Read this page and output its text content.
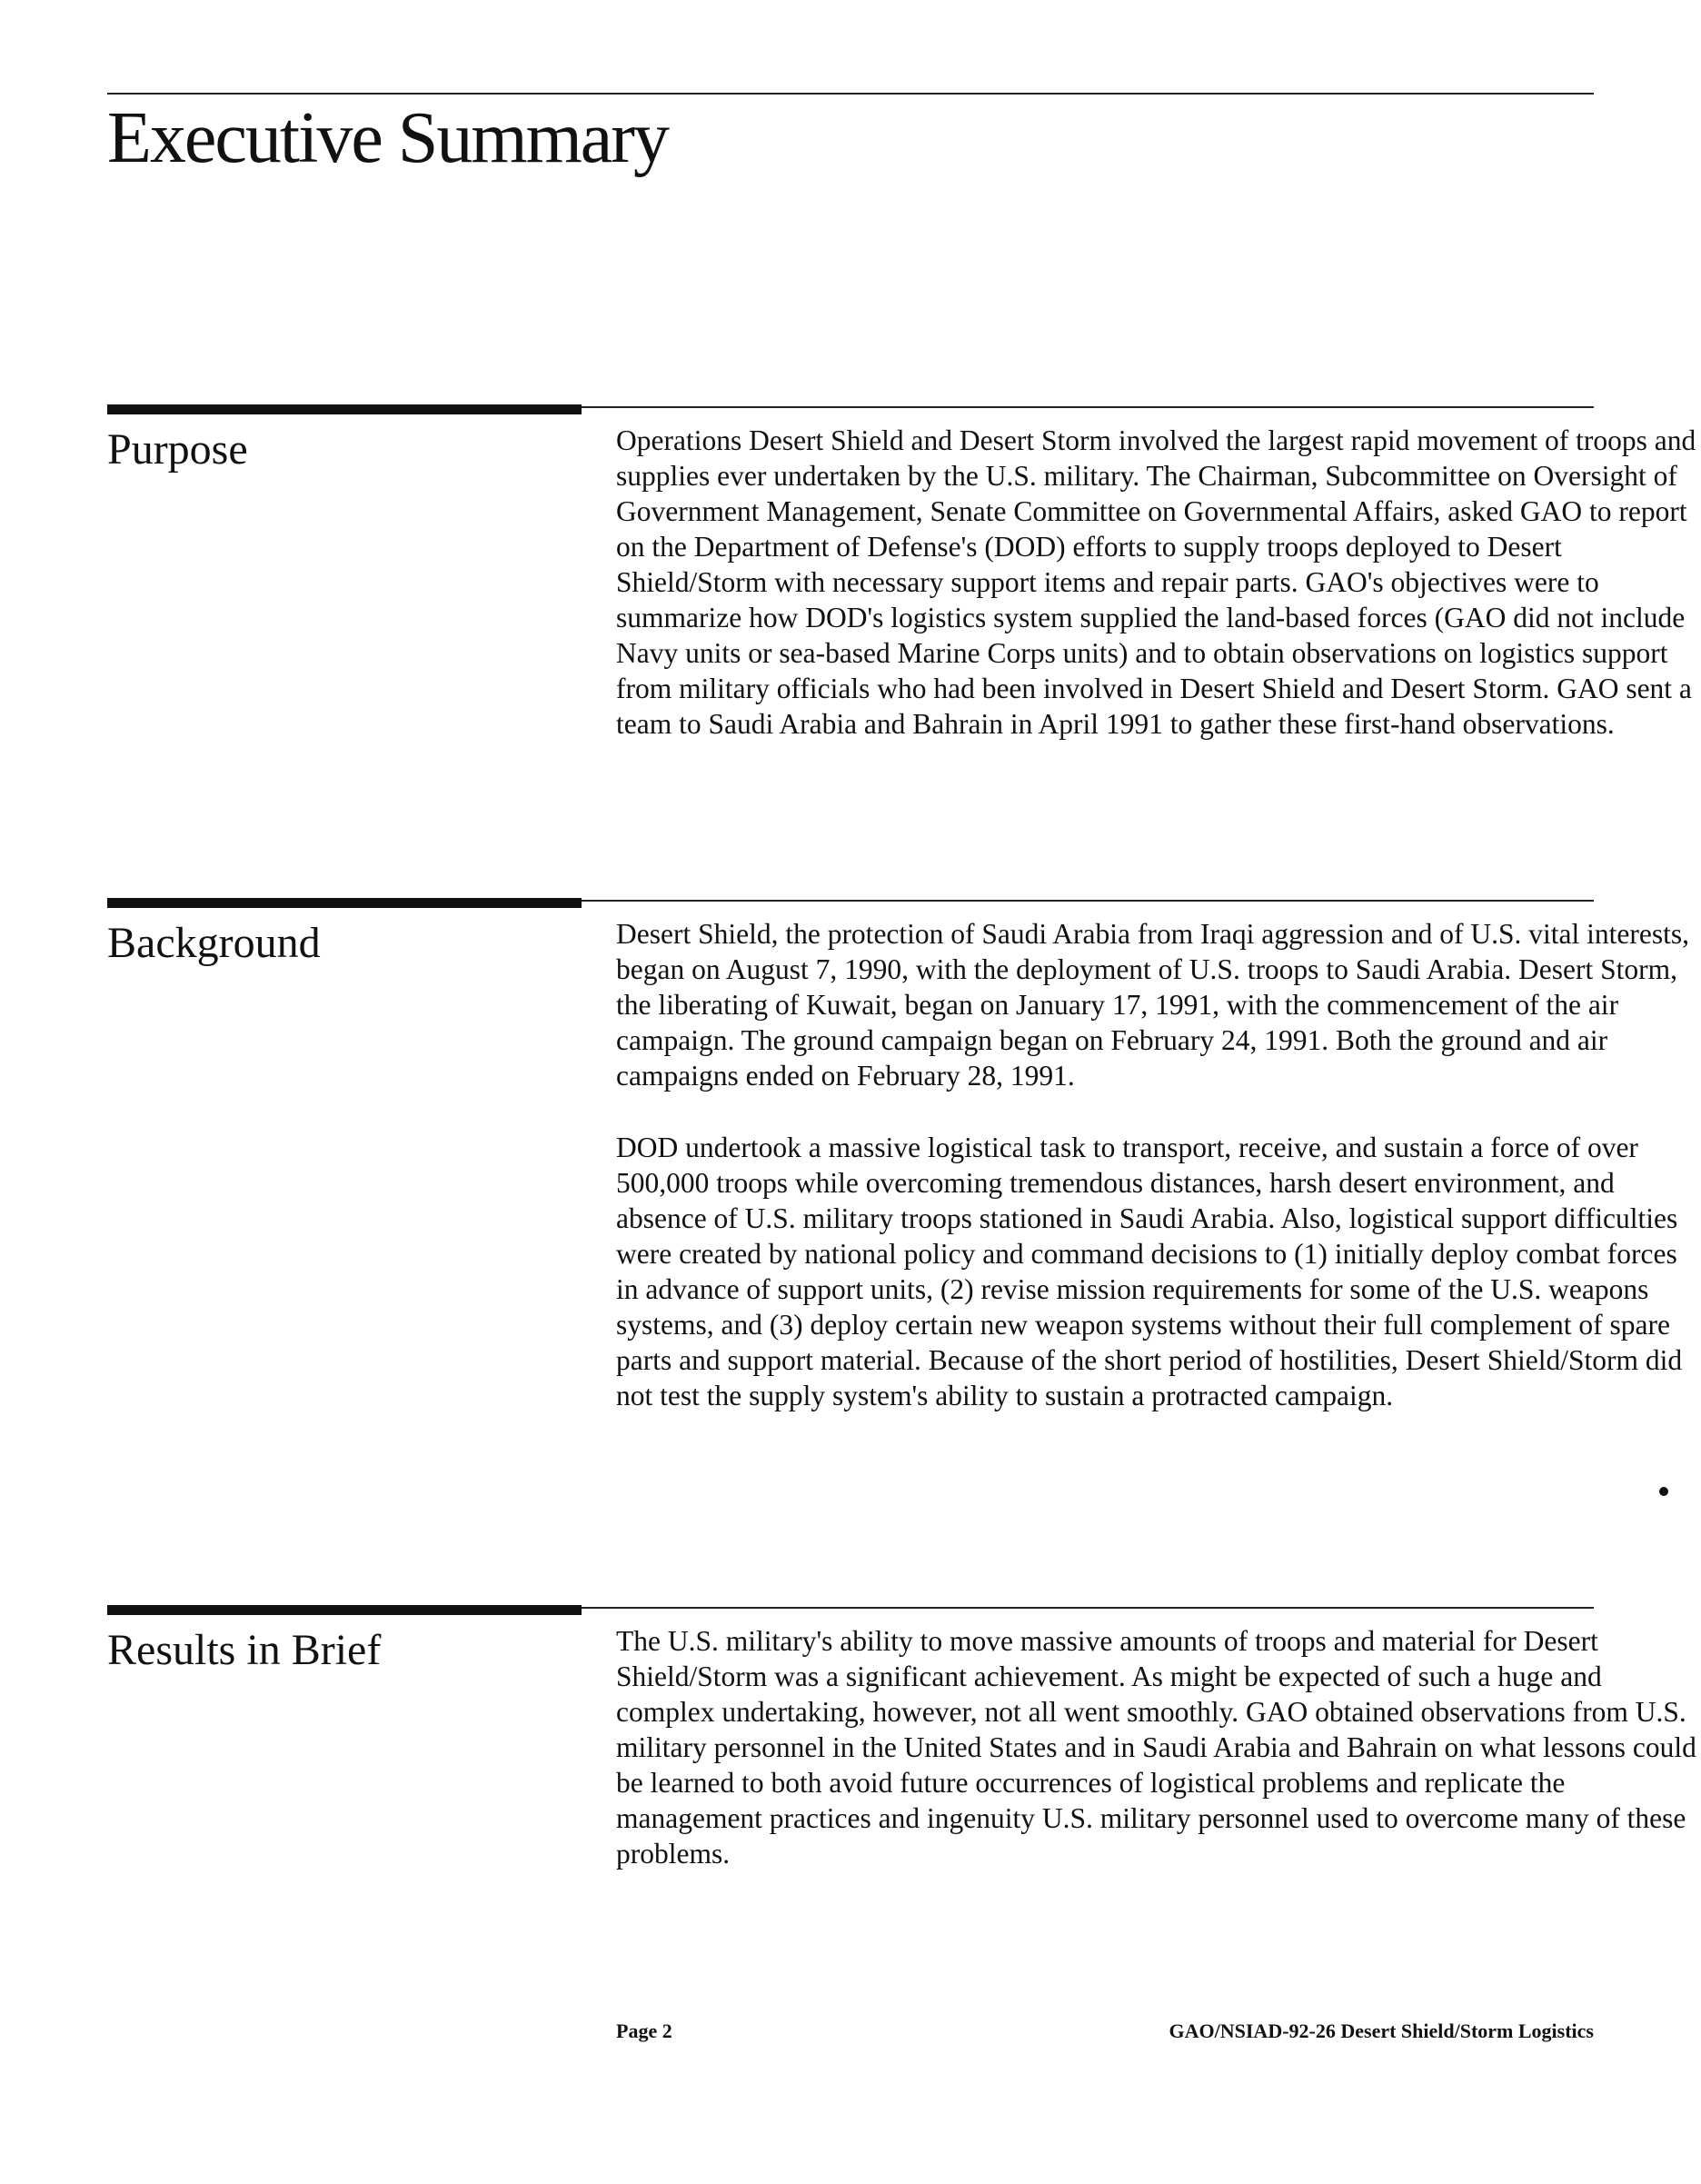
Executive Summary
Purpose	Operations Desert Shield and Desert Storm involved the largest rapid movement of troops and supplies ever undertaken by the U.S. military. The Chairman, Subcommittee on Oversight of Government Management, Senate Committee on Governmental Affairs, asked GAO to report on the Department of Defense's (DOD) efforts to supply troops deployed to Desert Shield/Storm with necessary support items and repair parts. GAO's objectives were to summarize how DOD's logistics system supplied the land-based forces (GAO did not include Navy units or sea-based Marine Corps units) and to obtain observations on logistics support from military officials who had been involved in Desert Shield and Desert Storm. GAO sent a team to Saudi Arabia and Bahrain in April 1991 to gather these first-hand observations.

Background	Desert Shield, the protection of Saudi Arabia from Iraqi aggression and of U.S. vital interests, began on August 7, 1990, with the deployment of U.S. troops to Saudi Arabia. Desert Storm, the liberating of Kuwait, began on January 17, 1991, with the commencement of the air campaign. The ground campaign began on February 24, 1991. Both the ground and air campaigns ended on February 28, 1991.

DOD undertook a massive logistical task to transport, receive, and sustain a force of over 500,000 troops while overcoming tremendous distances, harsh desert environment, and absence of U.S. military troops stationed in Saudi Arabia. Also, logistical support difficulties were created by national policy and command decisions to (1) initially deploy combat forces in advance of support units, (2) revise mission requirements for some of the U.S. weapons systems, and (3) deploy certain new weapon systems without their full complement of spare parts and support material. Because of the short period of hostilities, Desert Shield/Storm did not test the supply system's ability to sustain a protracted campaign.

Results in Brief	The U.S. military's ability to move massive amounts of troops and material for Desert Shield/Storm was a significant achievement. As might be expected of such a huge and complex undertaking, however, not all went smoothly. GAO obtained observations from U.S. military personnel in the United States and in Saudi Arabia and Bahrain on what lessons could be learned to both avoid future occurrences of logistical problems and replicate the management practices and ingenuity U.S. military personnel used to overcome many of these problems.

Page 2	GAO/NSIAD-92-26 Desert Shield/Storm Logistics
